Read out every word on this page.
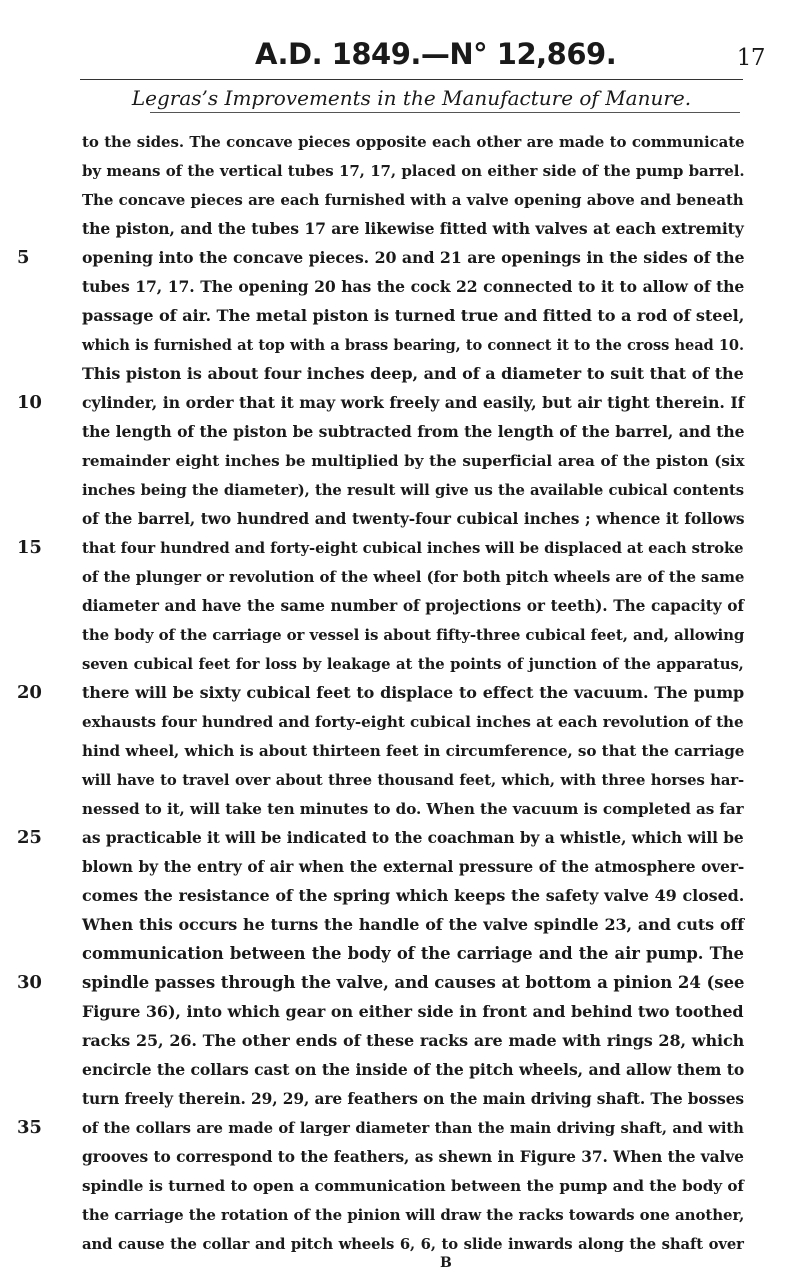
A.D. 1849.—N° 12,869.	17
Legras’s Improvements in the Manufacture of Manure.
to the sides. The concave pieces opposite each other are made to communicate
by means of the vertical tubes 17, 17, placed on either side of the pump barrel.
The concave pieces are each furnished with a valve opening above and beneath
the piston, and the tubes 17 are likewise fitted with valves at each extremity
5	opening into the concave pieces. 20 and 21 are openings in the sides of the
tubes 17, 17. The opening 20 has the cock 22 connected to it to allow of the
passage of air. The metal piston is turned true and fitted to a rod of steel,
which is furnished at top with a brass bearing, to connect it to the cross head 10.
This piston is about four inches deep, and of a diameter to suit that of the
10	cylinder, in order that it may work freely and easily, but air tight therein. If
the length of the piston be subtracted from the length of the barrel, and the
remainder eight inches be multiplied by the superficial area of the piston (six
inches being the diameter), the result will give us the available cubical contents
of the barrel, two hundred and twenty-four cubical inches ; whence it follows
15	that four hundred and forty-eight cubical inches will be displaced at each stroke
of the plunger or revolution of the wheel (for both pitch wheels are of the same
diameter and have the same number of projections or teeth). The capacity of
the body of the carriage or vessel is about fifty-three cubical feet, and, allowing
seven cubical feet for loss by leakage at the points of junction of the apparatus,
20	there will be sixty cubical feet to displace to effect the vacuum. The pump
exhausts four hundred and forty-eight cubical inches at each revolution of the
hind wheel, which is about thirteen feet in circumference, so that the carriage
will have to travel over about three thousand feet, which, with three horses har-
nessed to it, will take ten minutes to do. When the vacuum is completed as far
25	as practicable it will be indicated to the coachman by a whistle, which will be
blown by the entry of air when the external pressure of the atmosphere over-
comes the resistance of the spring which keeps the safety valve 49 closed.
When this occurs he turns the handle of the valve spindle 23, and cuts off
communication between the body of the carriage and the air pump. The
30	spindle passes through the valve, and causes at bottom a pinion 24 (see
Figure 36), into which gear on either side in front and behind two toothed
racks 25, 26. The other ends of these racks are made with rings 28, which
encircle the collars cast on the inside of the pitch wheels, and allow them to
turn freely therein. 29, 29, are feathers on the main driving shaft. The bosses
35	of the collars are made of larger diameter than the main driving shaft, and with
grooves to correspond to the feathers, as shewn in Figure 37. When the valve
spindle is turned to open a communication between the pump and the body of
the carriage the rotation of the pinion will draw the racks towards one another,
and cause the collar and pitch wheels 6, 6, to slide inwards along the shaft over
B
